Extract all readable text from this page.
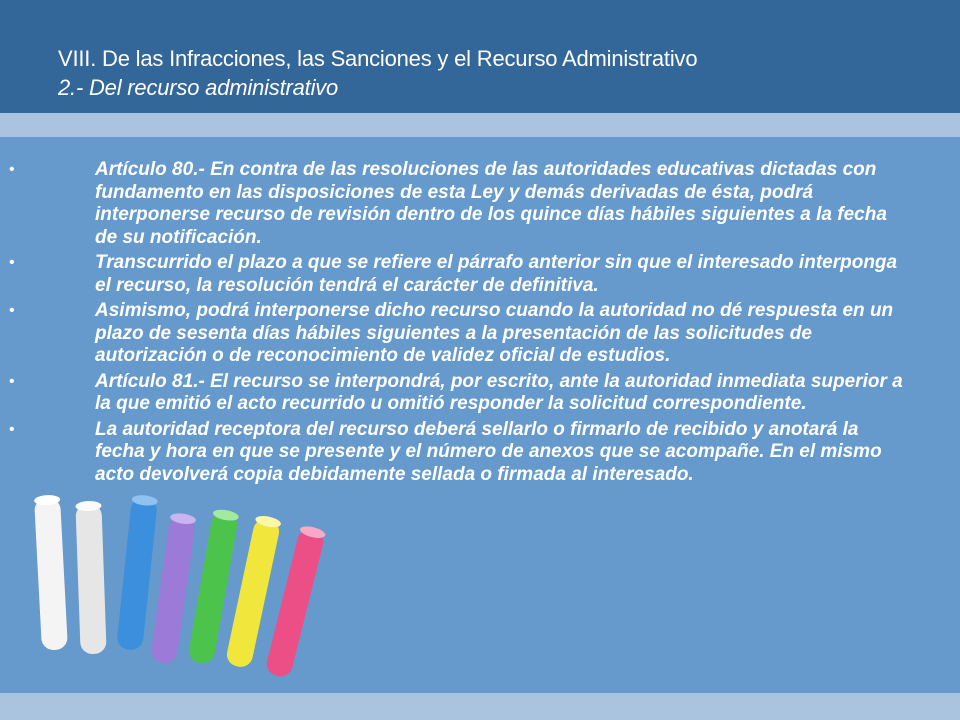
VIII. De las Infracciones, las Sanciones y el Recurso Administrativo
2.- Del recurso administrativo
•	Artículo 80.- En contra de las resoluciones de las autoridades educativas dictadas con fundamento en las disposiciones de esta Ley y demás derivadas de ésta, podrá interponerse recurso de revisión dentro de los quince días hábiles siguientes a la fecha de su notificación.
•	Transcurrido el plazo a que se refiere el párrafo anterior sin que el interesado interponga el recurso, la resolución tendrá el carácter de definitiva.
•	Asimismo, podrá interponerse dicho recurso cuando la autoridad no dé respuesta en un plazo de sesenta días hábiles siguientes a la presentación de las solicitudes de autorización o de reconocimiento de validez oficial de estudios.
•	Artículo 81.- El recurso se interpondrá, por escrito, ante la autoridad inmediata superior a la que emitió el acto recurrido u omitió responder la solicitud correspondiente.
•	La autoridad receptora del recurso deberá sellarlo o firmarlo de recibido y anotará la fecha y hora en que se presente y el número de anexos que se acompañe. En el mismo acto devolverá copia debidamente sellada o firmada al interesado.
